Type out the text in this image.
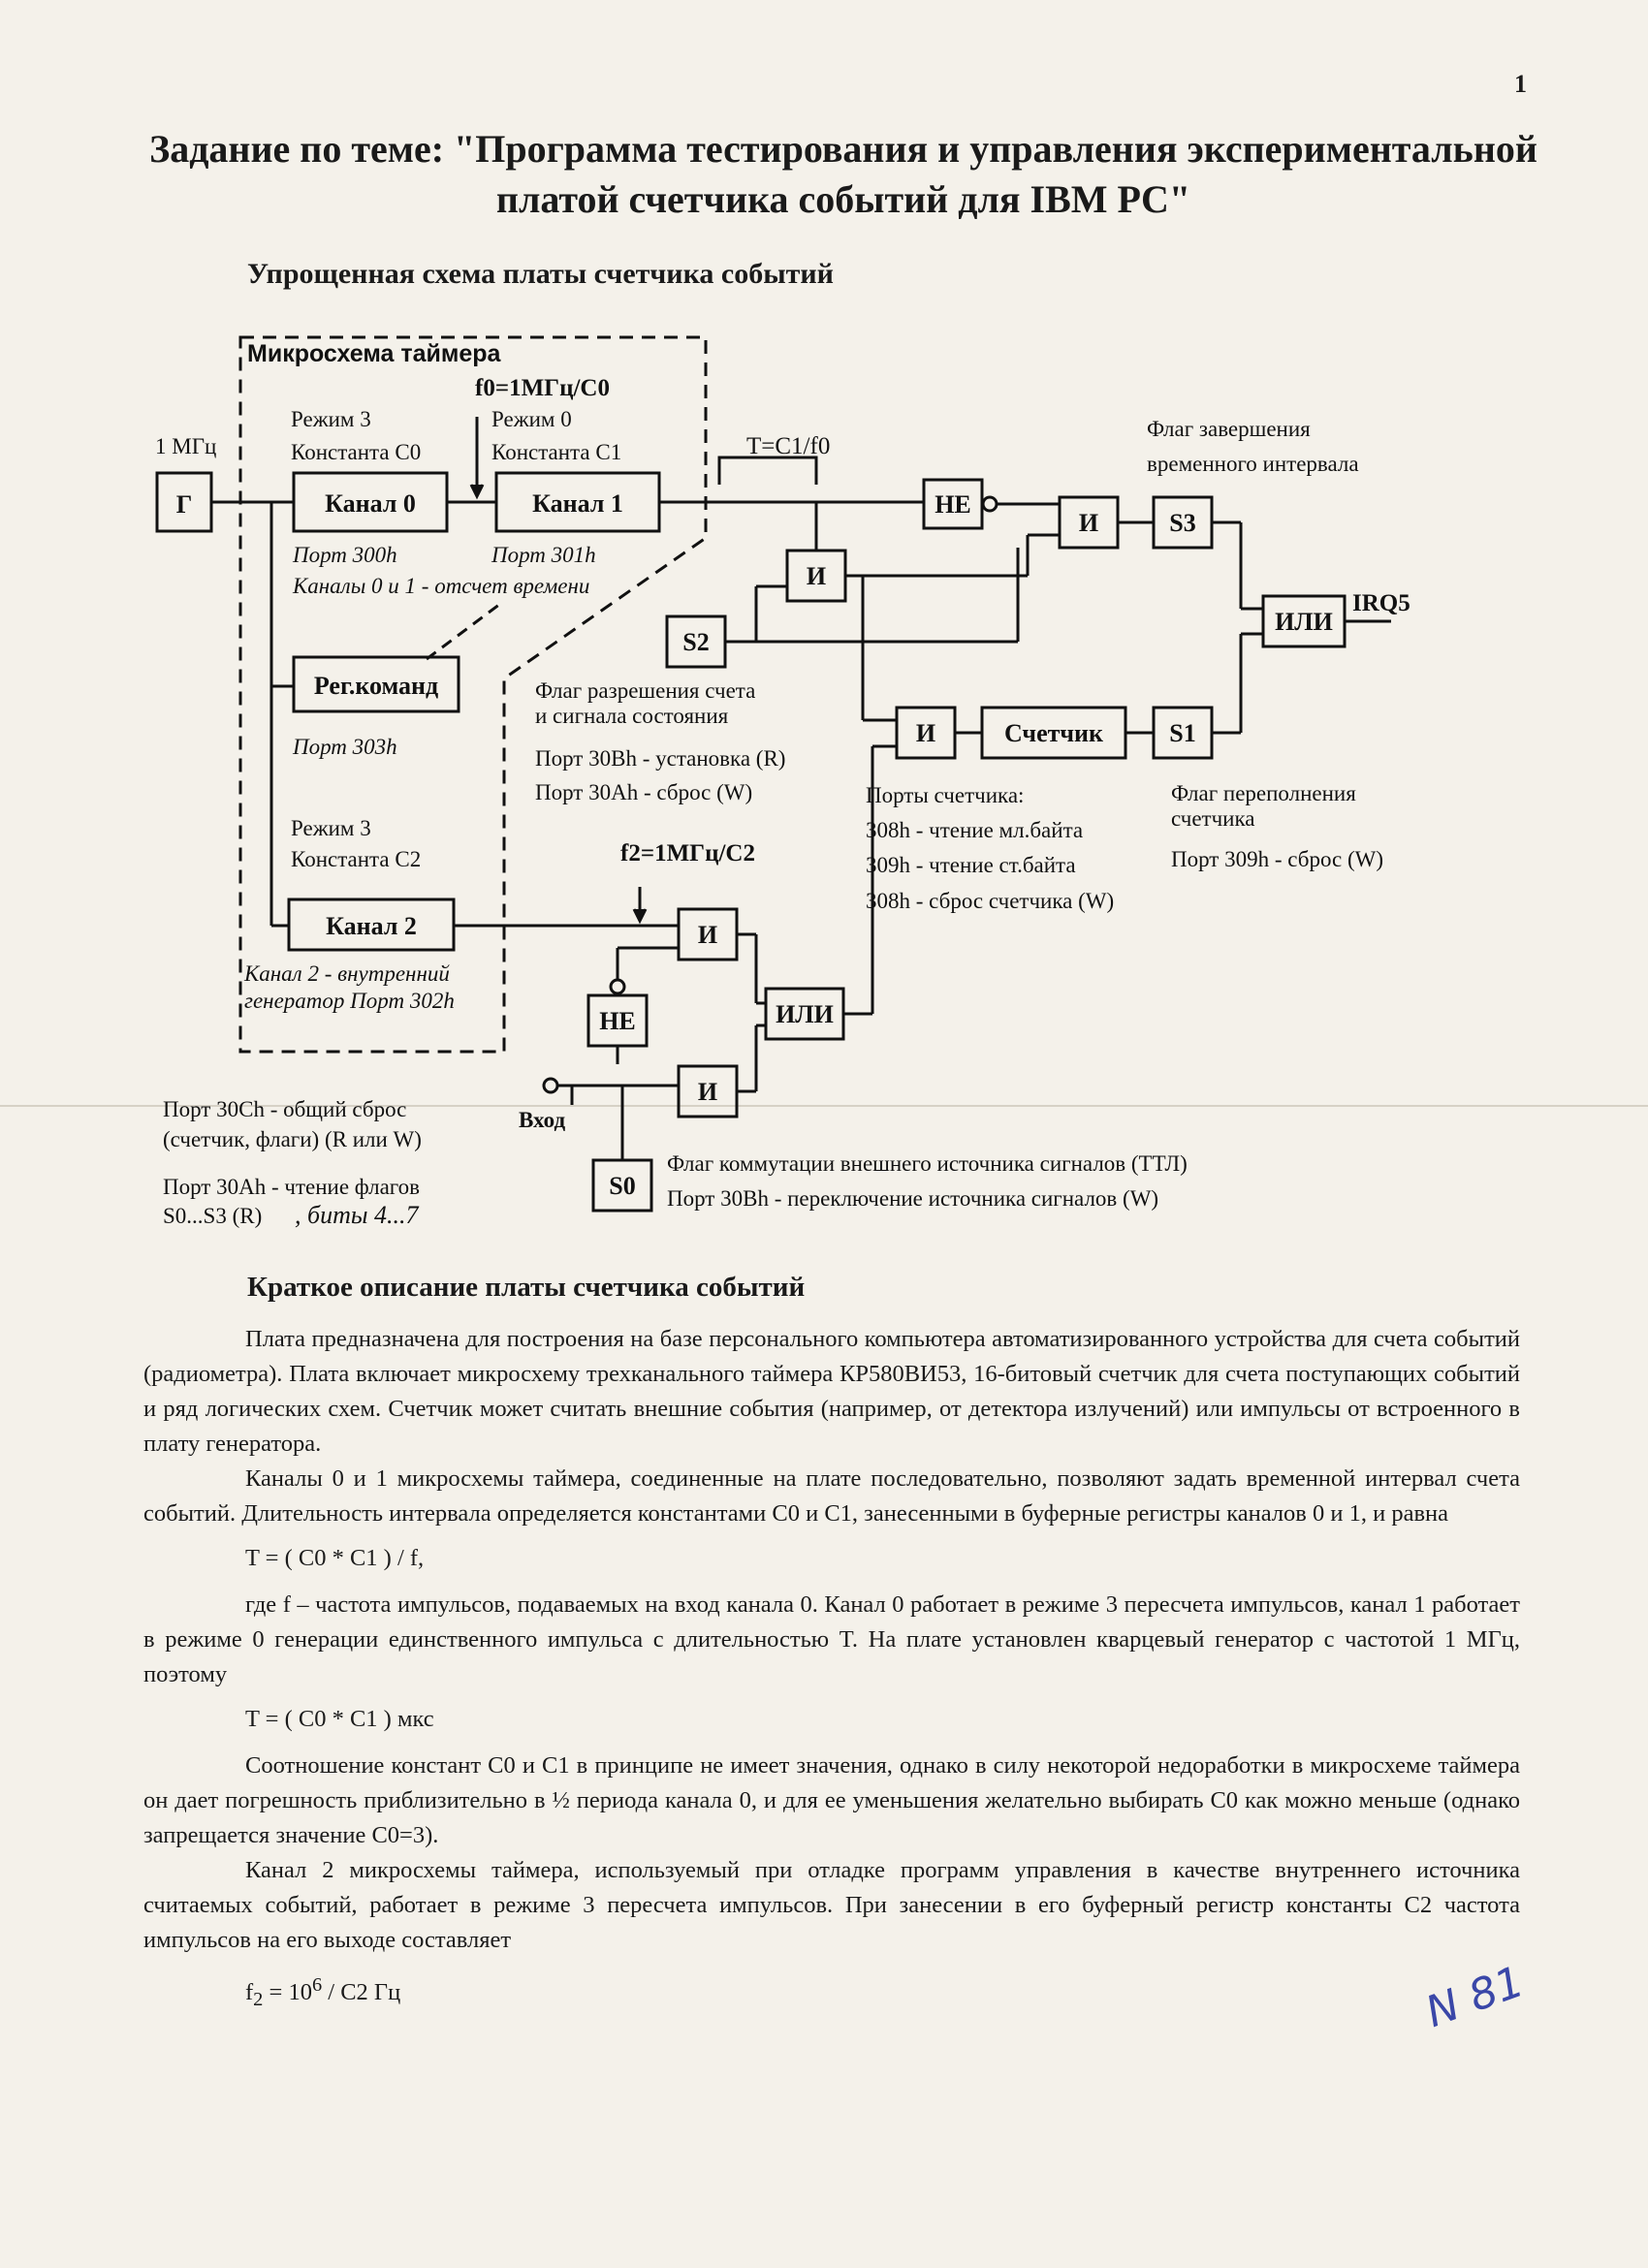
1
Задание по теме: "Программа тестирования и управления экспериментальной платой счетчика событий для IBM PC"
Упрощенная схема платы счетчика событий
Г	Канал 0	Канал 1
Рег.команд
Канал 2
НЕ
И	S3
И
S2
ИЛИ
И	Счетчик	S1
И
НЕ	ИЛИ
И
S0
Микросхема таймера
f0=1МГц/C0
Режим 3
Константа C0
Режим 0
Константа C1
1 МГц
Порт 300h	Порт 301h
Каналы 0 и 1 - отсчет времени
T=C1/f0
IRQ5
Флаг завершения
временного интервала
Порт 303h
Флаг разрешения счета
и сигнала состояния
Порт 30Bh - установка (R)
Порт 30Ah - сброс (W)	Порты счетчика:
308h - чтение мл.байта
309h - чтение ст.байта
308h - сброс счетчика (W)
Флаг переполнения
счетчика
Порт 309h - сброс (W)
Режим 3
Константа C2	f2=1МГц/C2
Канал 2 - внутренний
генератор Порт 302h
Вход
Флаг коммутации внешнего источника сигналов (ТТЛ)
Порт 30Bh - переключение источника сигналов (W)
Порт 30Ch - общий сброс
(счетчик, флаги) (R или W)
Порт 30Ah - чтение флагов
S0...S3 (R) , биты 4...7
Краткое описание платы счетчика событий

Плата предназначена для построения на базе персонального компьютера автоматизированного устройства для счета событий (радиометра). Плата включает микросхему трехканального таймера КР580ВИ53, 16-битовый счетчик для счета поступающих событий и ряд логических схем. Счетчик может считать внешние события (например, от детектора излучений) или импульсы от встроенного в плату генератора.

Каналы 0 и 1 микросхемы таймера, соединенные на плате последовательно, позволяют задать временной интервал счета событий. Длительность интервала определяется константами C0 и C1, занесенными в буферные регистры каналов 0 и 1, и равна

T = ( C0 * C1 ) / f,

где f – частота импульсов, подаваемых на вход канала 0. Канал 0 работает в режиме 3 пересчета импульсов, канал 1 работает в режиме 0 генерации единственного импульса с длительностью T. На плате установлен кварцевый генератор с частотой 1 МГц, поэтому

T = ( C0 * C1 ) мкс

Соотношение констант C0 и C1 в принципе не имеет значения, однако в силу некоторой недоработки в микросхеме таймера он дает погрешность приблизительно в ½ периода канала 0, и для ее уменьшения желательно выбирать C0 как можно меньше (однако запрещается значение C0=3).

Канал 2 микросхемы таймера, используемый при отладке программ управления в качестве внутреннего источника считаемых событий, работает в режиме 3 пересчета импульсов. При занесении в его буферный регистр константы C2 частота импульсов на его выходе составляет

$f_2 = 10^6 / C2$ Гц	N 81
